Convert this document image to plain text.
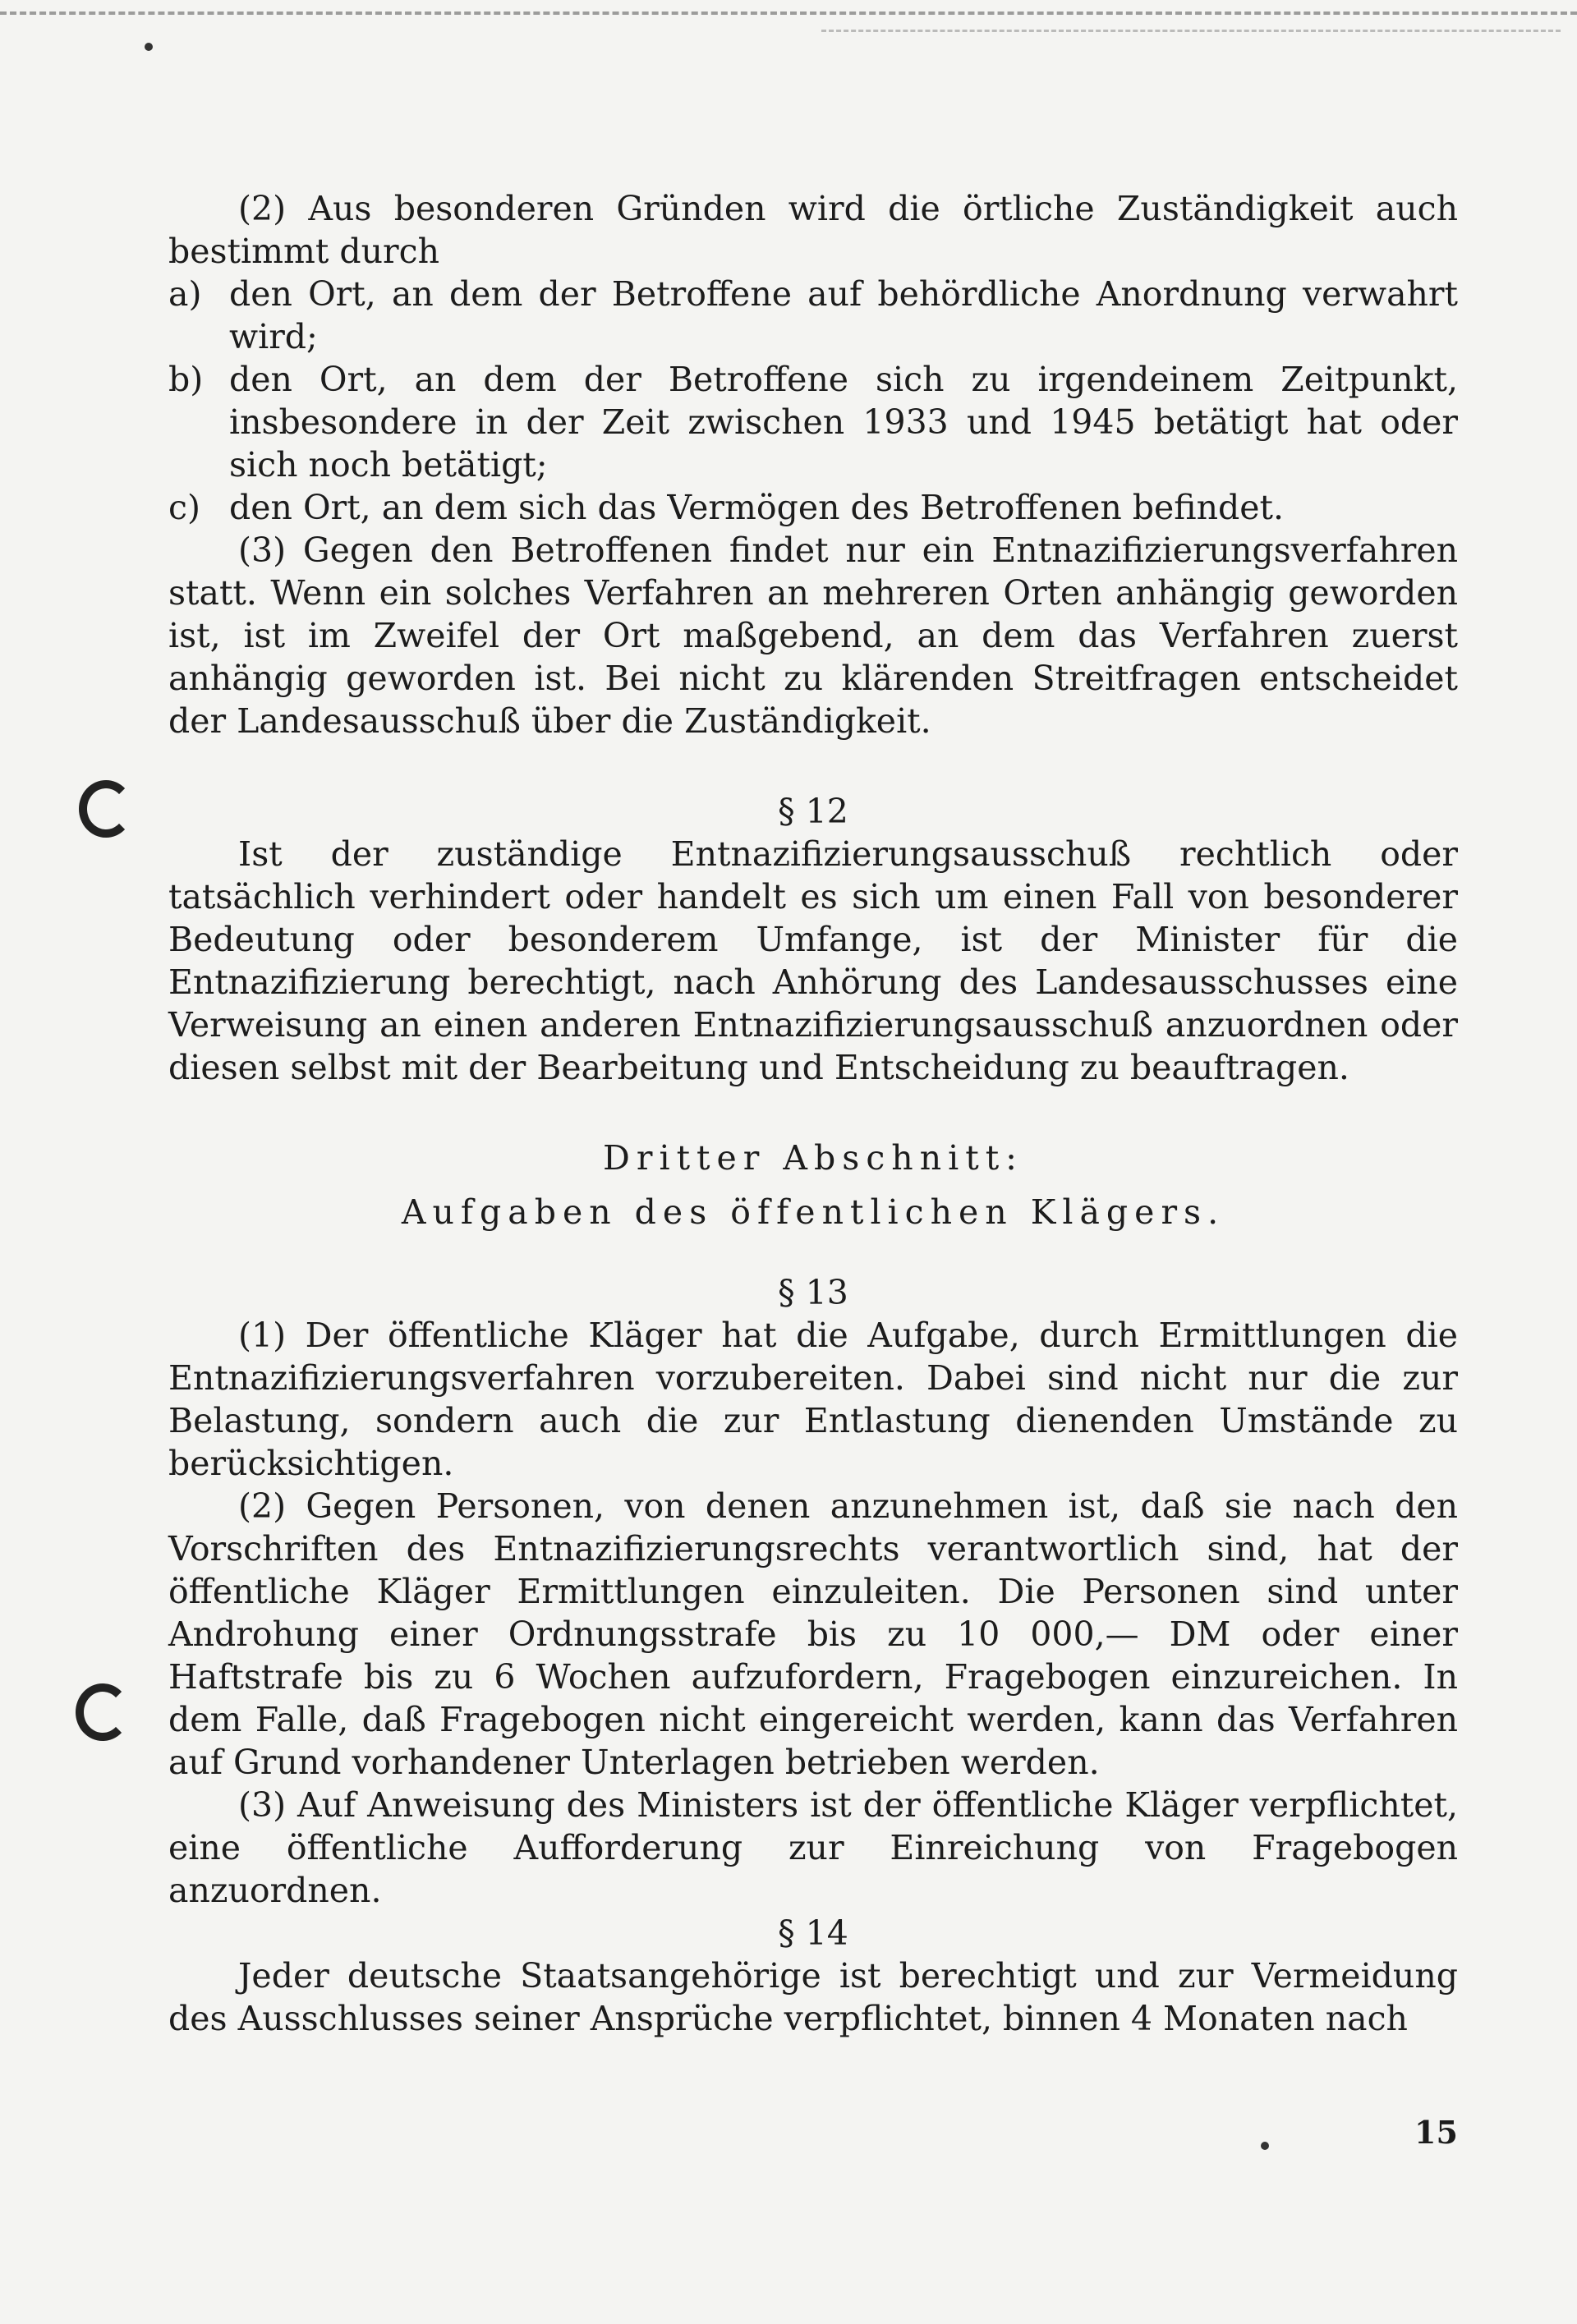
(2) Aus besonderen Gründen wird die örtliche Zuständigkeit auch bestimmt durch

a) den Ort, an dem der Betroffene auf behördliche Anordnung verwahrt wird;
b) den Ort, an dem der Betroffene sich zu irgendeinem Zeitpunkt, insbesondere in der Zeit zwischen 1933 und 1945 betätigt hat oder sich noch betätigt;
c) den Ort, an dem sich das Vermögen des Betroffenen befindet.

(3) Gegen den Betroffenen findet nur ein Entnazifizierungsverfahren statt. Wenn ein solches Verfahren an mehreren Orten anhängig geworden ist, ist im Zweifel der Ort maßgebend, an dem das Verfahren zuerst anhängig geworden ist. Bei nicht zu klärenden Streitfragen entscheidet der Landesausschuß über die Zuständigkeit.

§ 12

Ist der zuständige Entnazifizierungsausschuß rechtlich oder tatsächlich verhindert oder handelt es sich um einen Fall von besonderer Bedeutung oder besonderem Umfange, ist der Minister für die Entnazifizierung berechtigt, nach Anhörung des Landesausschusses eine Verweisung an einen anderen Entnazifizierungsausschuß anzuordnen oder diesen selbst mit der Bearbeitung und Entscheidung zu beauftragen.

Dritter Abschnitt:

Aufgaben des öffentlichen Klägers.

§ 13

(1) Der öffentliche Kläger hat die Aufgabe, durch Ermittlungen die Entnazifizierungsverfahren vorzubereiten. Dabei sind nicht nur die zur Belastung, sondern auch die zur Entlastung dienenden Umstände zu berücksichtigen.

(2) Gegen Personen, von denen anzunehmen ist, daß sie nach den Vorschriften des Entnazifizierungsrechts verantwortlich sind, hat der öffentliche Kläger Ermittlungen einzuleiten. Die Personen sind unter Androhung einer Ordnungsstrafe bis zu 10 000,— DM oder einer Haftstrafe bis zu 6 Wochen aufzufordern, Fragebogen einzureichen. In dem Falle, daß Fragebogen nicht eingereicht werden, kann das Verfahren auf Grund vorhandener Unterlagen betrieben werden.

(3) Auf Anweisung des Ministers ist der öffentliche Kläger verpflichtet, eine öffentliche Aufforderung zur Einreichung von Fragebogen anzuordnen.

§ 14

Jeder deutsche Staatsangehörige ist berechtigt und zur Vermeidung des Ausschlusses seiner Ansprüche verpflichtet, binnen 4 Monaten nach

15
